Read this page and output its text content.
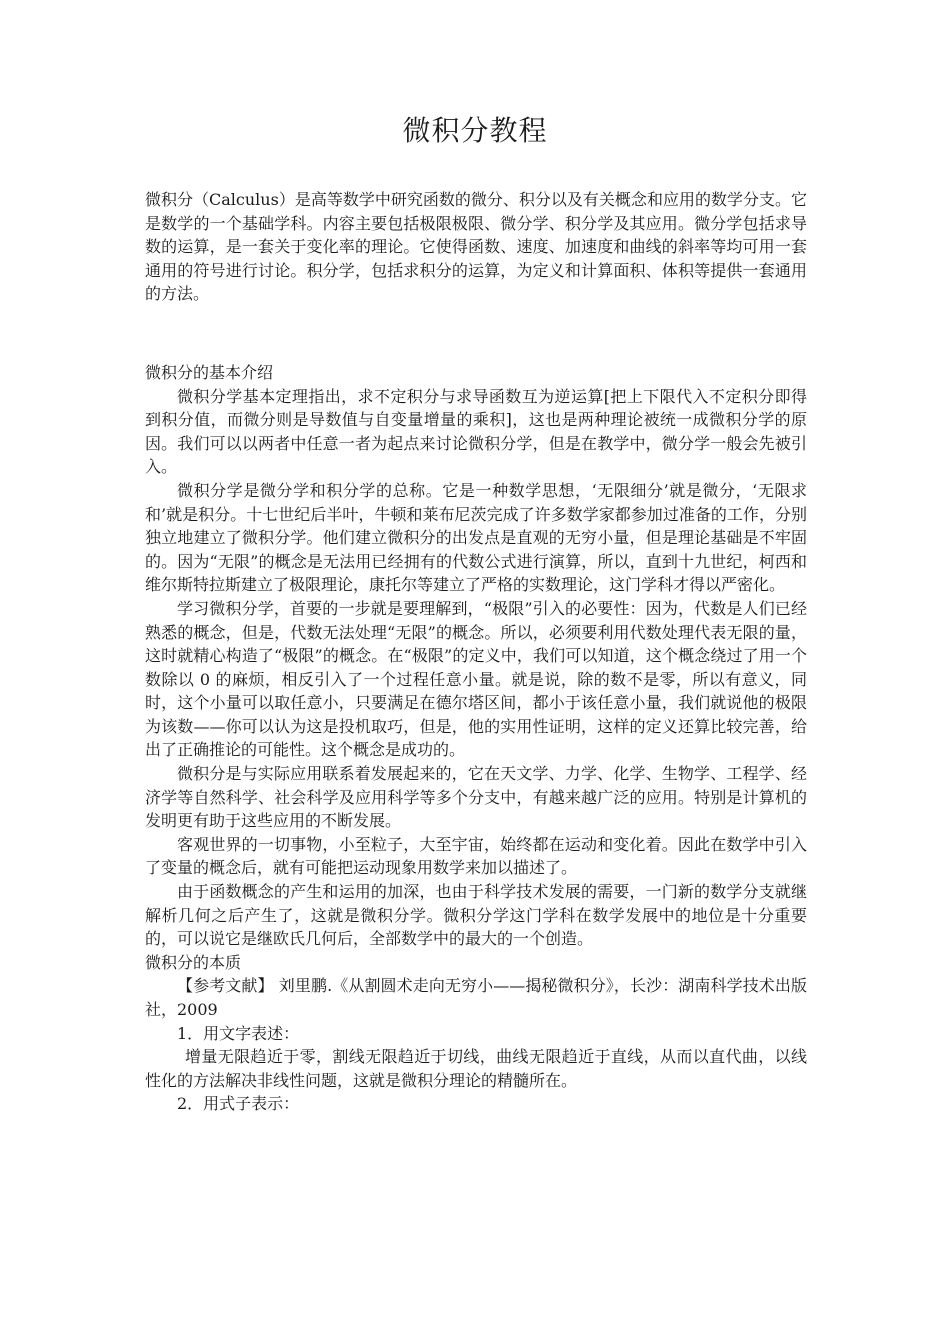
微积分教程

微积分（Calculus）是高等数学中研究函数的微分、积分以及有关概念和应用的数学分支。它是数学的一个基础学科。内容主要包括极限极限、微分学、积分学及其应用。微分学包括求导数的运算，是一套关于变化率的理论。它使得函数、速度、加速度和曲线的斜率等均可用一套通用的符号进行讨论。积分学，包括求积分的运算，为定义和计算面积、体积等提供一套通用的方法。

微积分的基本介绍

微积分学基本定理指出，求不定积分与求导函数互为逆运算[把上下限代入不定积分即得到积分值，而微分则是导数值与自变量增量的乘积]，这也是两种理论被统一成微积分学的原因。我们可以以两者中任意一者为起点来讨论微积分学，但是在教学中，微分学一般会先被引入。

微积分学是微分学和积分学的总称。它是一种数学思想，‘无限细分’就是微分，‘无限求和’就是积分。十七世纪后半叶，牛顿和莱布尼茨完成了许多数学家都参加过准备的工作，分别独立地建立了微积分学。他们建立微积分的出发点是直观的无穷小量，但是理论基础是不牢固的。因为“无限”的概念是无法用已经拥有的代数公式进行演算，所以，直到十九世纪，柯西和维尔斯特拉斯建立了极限理论，康托尔等建立了严格的实数理论，这门学科才得以严密化。

学习微积分学，首要的一步就是要理解到，“极限”引入的必要性：因为，代数是人们已经熟悉的概念，但是，代数无法处理“无限”的概念。所以，必须要利用代数处理代表无限的量，这时就精心构造了“极限”的概念。在“极限”的定义中，我们可以知道，这个概念绕过了用一个数除以 0 的麻烦，相反引入了一个过程任意小量。就是说，除的数不是零，所以有意义，同时，这个小量可以取任意小，只要满足在德尔塔区间，都小于该任意小量，我们就说他的极限为该数——你可以认为这是投机取巧，但是，他的实用性证明，这样的定义还算比较完善，给出了正确推论的可能性。这个概念是成功的。

微积分是与实际应用联系着发展起来的，它在天文学、力学、化学、生物学、工程学、经济学等自然科学、社会科学及应用科学等多个分支中，有越来越广泛的应用。特别是计算机的发明更有助于这些应用的不断发展。

客观世界的一切事物，小至粒子，大至宇宙，始终都在运动和变化着。因此在数学中引入了变量的概念后，就有可能把运动现象用数学来加以描述了。

由于函数概念的产生和运用的加深，也由于科学技术发展的需要，一门新的数学分支就继解析几何之后产生了，这就是微积分学。微积分学这门学科在数学发展中的地位是十分重要的，可以说它是继欧氏几何后，全部数学中的最大的一个创造。

微积分的本质

【参考文献】 刘里鹏.《从割圆术走向无穷小——揭秘微积分》，长沙：湖南科学技术出版社，2009

1．用文字表述：

增量无限趋近于零，割线无限趋近于切线，曲线无限趋近于直线，从而以直代曲，以线性化的方法解决非线性问题，这就是微积分理论的精髓所在。

2．用式子表示：
